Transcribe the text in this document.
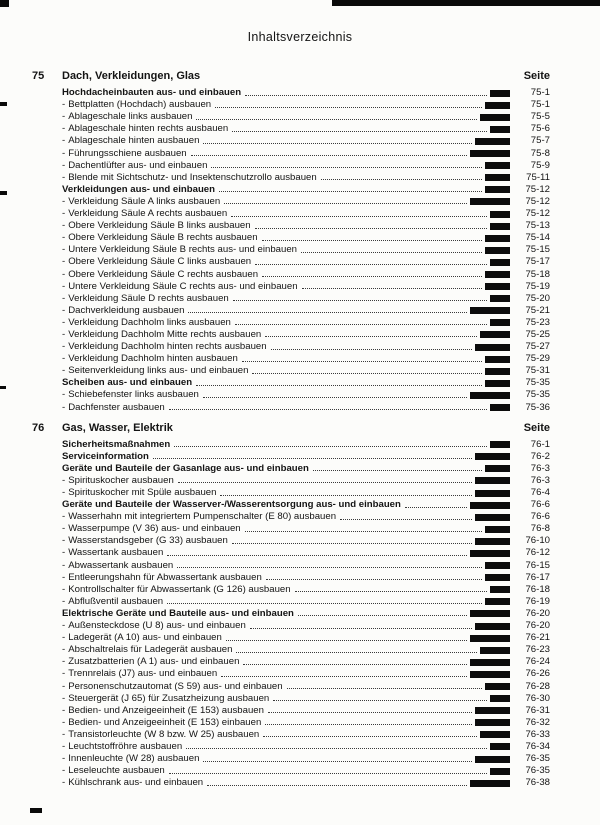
Inhaltsverzeichnis
75 Dach, Verkleidungen, Glas	Seite
Hochdacheinbauten aus- und einbauen	75-1
- Bettplatten (Hochdach) ausbauen	75-1
- Ablageschale links ausbauen	75-5
- Ablageschale hinten rechts ausbauen	75-6
- Ablageschale hinten ausbauen	75-7
- Führungsschiene ausbauen	75-8
- Dachentlüfter aus- und einbauen	75-9
- Blende mit Sichtschutz- und Insektenschutzrollo ausbauen	75-11
Verkleidungen aus- und einbauen	75-12
- Verkleidung Säule A links ausbauen	75-12
- Verkleidung Säule A rechts ausbauen	75-12
- Obere Verkleidung Säule B links ausbauen	75-13
- Obere Verkleidung Säule B rechts ausbauen	75-14
- Untere Verkleidung Säule B rechts aus- und einbauen	75-15
- Obere Verkleidung Säule C links ausbauen	75-17
- Obere Verkleidung Säule C rechts ausbauen	75-18
- Untere Verkleidung Säule C rechts aus- und einbauen	75-19
- Verkleidung Säule D rechts ausbauen	75-20
- Dachverkleidung ausbauen	75-21
- Verkleidung Dachholm links ausbauen	75-23
- Verkleidung Dachholm Mitte rechts ausbauen	75-25
- Verkleidung Dachholm hinten rechts ausbauen	75-27
- Verkleidung Dachholm hinten ausbauen	75-29
- Seitenverkleidung links aus- und einbauen	75-31
Scheiben aus- und einbauen	75-35
- Schiebefenster links ausbauen	75-35
- Dachfenster ausbauen	75-36
76 Gas, Wasser, Elektrik	Seite
Sicherheitsmaßnahmen	76-1
Serviceinformation	76-2
Geräte und Bauteile der Gasanlage aus- und einbauen	76-3
- Spirituskocher ausbauen	76-3
- Spirituskocher mit Spüle ausbauen	76-4
Geräte und Bauteile der Wasserver-/Wasserentsorgung aus- und einbauen	76-6
- Wasserhahn mit integriertem Pumpenschalter (E 80) ausbauen	76-6
- Wasserpumpe (V 36) aus- und einbauen	76-8
- Wasserstandsgeber (G 33) ausbauen	76-10
- Wassertank ausbauen	76-12
- Abwassertank ausbauen	76-15
- Entleerungshahn für Abwassertank ausbauen	76-17
- Kontrollschalter für Abwassertank (G 126) ausbauen	76-18
- Abflußventil ausbauen	76-19
Elektrische Geräte und Bauteile aus- und einbauen	76-20
- Außensteckdose (U 8) aus- und einbauen	76-20
- Ladegerät (A 10) aus- und einbauen	76-21
- Abschaltrelais für Ladegerät ausbauen	76-23
- Zusatzbatterien (A 1) aus- und einbauen	76-24
- Trennrelais (J7) aus- und einbauen	76-26
- Personenschutzautomat (S 59) aus- und einbauen	76-28
- Steuergerät (J 65) für Zusatzheizung ausbauen	76-30
- Bedien- und Anzeigeeinheit (E 153) ausbauen	76-31
- Bedien- und Anzeigeeinheit (E 153) einbauen	76-32
- Transistorleuchte (W 8 bzw. W 25) ausbauen	76-33
- Leuchtstoffröhre ausbauen	76-34
- Innenleuchte (W 28) ausbauen	76-35
- Leseleuchte ausbauen	76-35
- Kühlschrank aus- und einbauen	76-38
